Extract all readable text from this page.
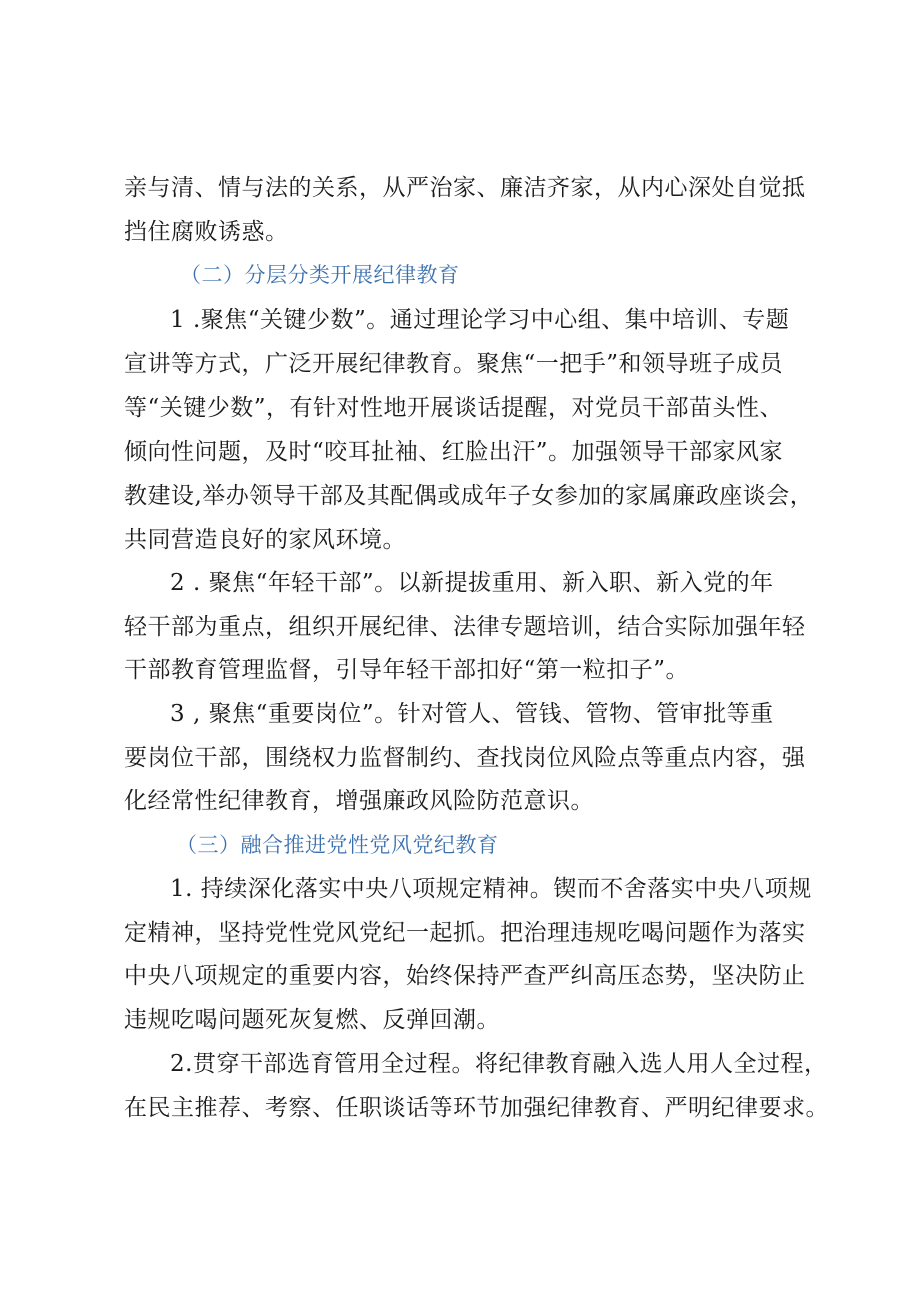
亲与清、情与法的关系，从严治家、廉洁齐家，从内心深处自觉抵
挡住腐败诱惑。
（二）分层分类开展纪律教育
1 .聚焦“关键少数”。通过理论学习中心组、集中培训、专题
宣讲等方式，广泛开展纪律教育。聚焦“一把手”和领导班子成员
等“关键少数”，有针对性地开展谈话提醒，对党员干部苗头性、
倾向性问题，及时“咬耳扯袖、红脸出汗”。加强领导干部家风家
教建设,举办领导干部及其配偶或成年子女参加的家属廉政座谈会，
共同营造良好的家风环境。
2 . 聚焦“年轻干部”。以新提拔重用、新入职、新入党的年
轻干部为重点，组织开展纪律、法律专题培训，结合实际加强年轻
干部教育管理监督，引导年轻干部扣好“第一粒扣子”。
3 , 聚焦“重要岗位”。针对管人、管钱、管物、管审批等重
要岗位干部，围绕权力监督制约、查找岗位风险点等重点内容，强
化经常性纪律教育，增强廉政风险防范意识。
（三）融合推进党性党风党纪教育
1. 持续深化落实中央八项规定精神。锲而不舍落实中央八项规
定精神，坚持党性党风党纪一起抓。把治理违规吃喝问题作为落实
中央八项规定的重要内容，始终保持严查严纠高压态势，坚决防止
违规吃喝问题死灰复燃、反弹回潮。
2.贯穿干部选育管用全过程。将纪律教育融入选人用人全过程，
在民主推荐、考察、任职谈话等环节加强纪律教育、严明纪律要求。
